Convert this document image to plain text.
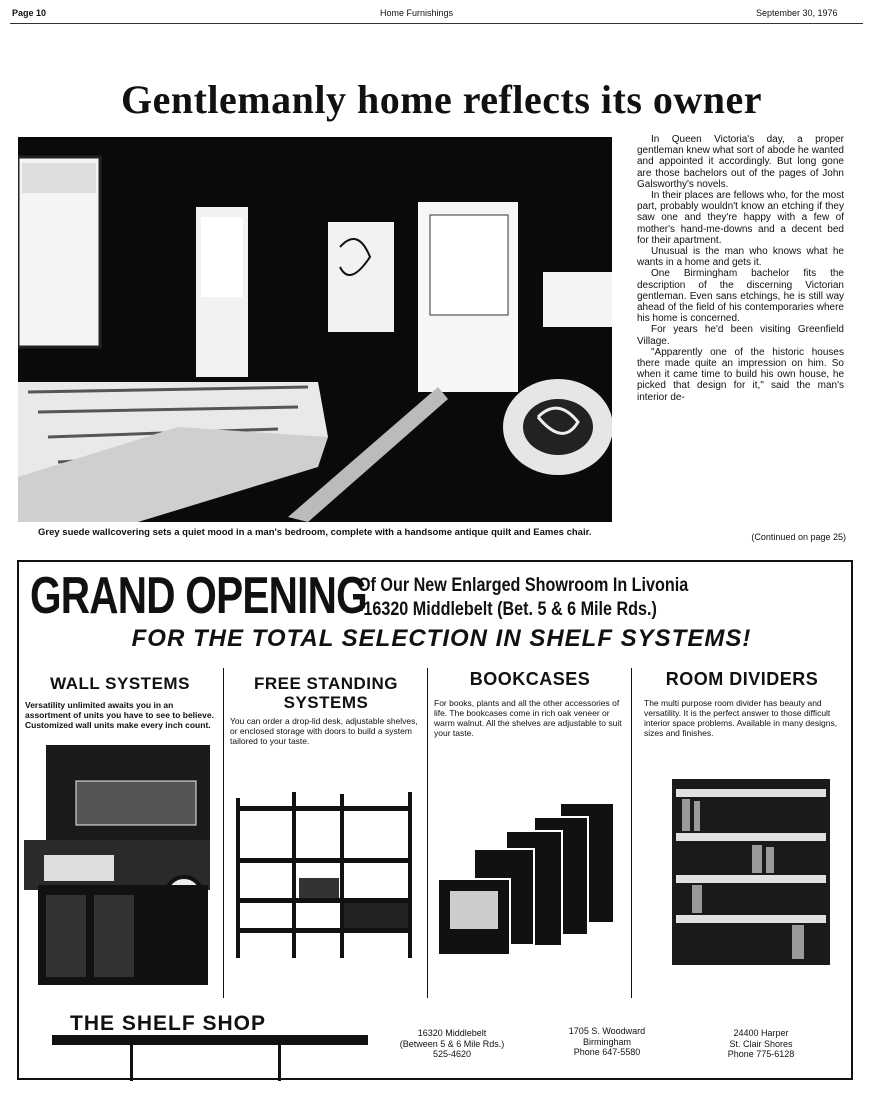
Page 10	Home Furnishings	September 30, 1976
Gentlemanly home reflects its owner
Grey suede wallcovering sets a quiet mood in a man's bedroom, complete with a handsome antique quilt and Eames chair.

In Queen Victoria's day, a proper gentleman knew what sort of abode he wanted and appointed it accordingly. But long gone are those bachelors out of the pages of John Galsworthy's novels.

In their places are fellows who, for the most part, probably wouldn't know an etching if they saw one and they're happy with a few of mother's hand-me-downs and a decent bed for their apartment.

Unusual is the man who knows what he wants in a home and gets it.

One Birmingham bachelor fits the description of the discerning Victorian gentleman. Even sans etchings, he is still way ahead of the field of his contemporaries where his home is concerned.

For years he'd been visiting Greenfield Village.

"Apparently one of the historic houses there made quite an impression on him. So when it came time to build his own house, he picked that design for it," said the man's interior de-

(Continued on page 25)
GRAND OPENING
Of Our New Enlarged Showroom In Livonia
-16320 Middlebelt (Bet. 5 & 6 Mile Rds.)
FOR THE TOTAL SELECTION IN SHELF SYSTEMS!
WALL SYSTEMS
Versatility unlimited awaits you in an assortment of units you have to see to believe. Customized wall units make every inch count.
FREE STANDING SYSTEMS
You can order a drop-lid desk, adjustable shelves, or enclosed storage with doors to build a system tailored to your taste.
BOOKCASES
For books, plants and all the other accessories of life. The bookcases come in rich oak veneer or warm walnut. All the shelves are adjustable to suit your taste.
ROOM DIVIDERS
The multi purpose room divider has beauty and versatility. It is the perfect answer to those difficult interior space problems. Available in many designs, sizes and finishes.
THE SHELF SHOP	16320 Middlebelt
(Between 5 & 6 Mile Rds.)
525-4620
1705 S. Woodward
Birmingham
Phone 647-5580
24400 Harper
St. Clair Shores
Phone 775-6128
